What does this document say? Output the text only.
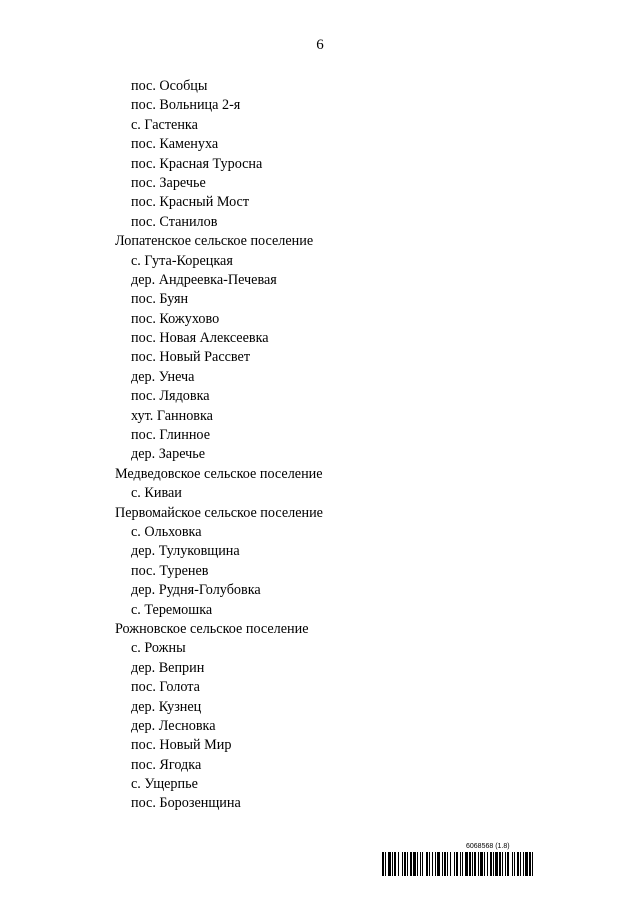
6
пос. Особцы
пос. Вольница 2-я
с. Гастенка
пос. Каменуха
пос. Красная Туросна
пос. Заречье
пос. Красный Мост
пос. Станилов
Лопатенское сельское поселение
с. Гута-Корецкая
дер. Андреевка-Печевая
пос. Буян
пос. Кожухово
пос. Новая Алексеевка
пос. Новый Рассвет
дер. Унеча
пос. Лядовка
хут. Ганновка
пос. Глинное
дер. Заречье
Медведовское сельское поселение
с. Киваи
Первомайское сельское поселение
с. Ольховка
дер. Тулуковщина
пос. Туренев
дер. Рудня-Голубовка
с. Теремошка
Рожновское сельское поселение
с. Рожны
дер. Веприн
пос. Голота
дер. Кузнец
дер. Лесновка
пос. Новый Мир
пос. Ягодка
с. Ущерпье
пос. Борозенщина
6068568 (1.8)
